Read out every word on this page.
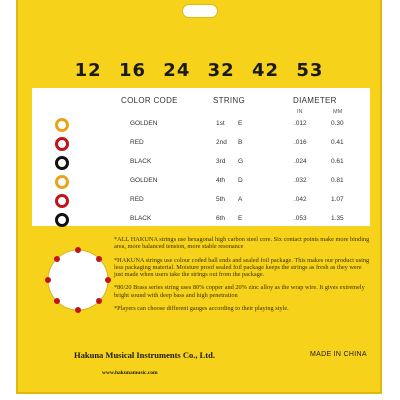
12 16 24 32 42 53
COLOR CODE	STRING	DIAMETER
IN	MM
GOLDEN	1st E	.012	0.30
RED	2nd B	.016	0.41
BLACK	3rd G	.024	0.61
GOLDEN	4th D	.032	0.81
RED	5th A	.042	1.07
BLACK	6th E	.053	1.35

*ALL HAKUNA strings use hexagonal high carbon steel core. Six contact points make more binding area, more balanced tension, more stable resonance

*HAKUNA strings use colour coded ball ends and sealed foil package. This makes our product using less packaging material. Moisture proof sealed foil package keeps the strings as fresh as they were just made when users take the strings out from the package.

*80/20 Brass series string uses 80% copper and 20% zinc alloy as the wrap wire. It gives extremely bright sound with deep bass and high penetration

*Players can choose different gauges according to their playing style.

Hakuna Musical Instruments Co., Ltd.
www.hakunamusic.com
MADE IN CHINA
